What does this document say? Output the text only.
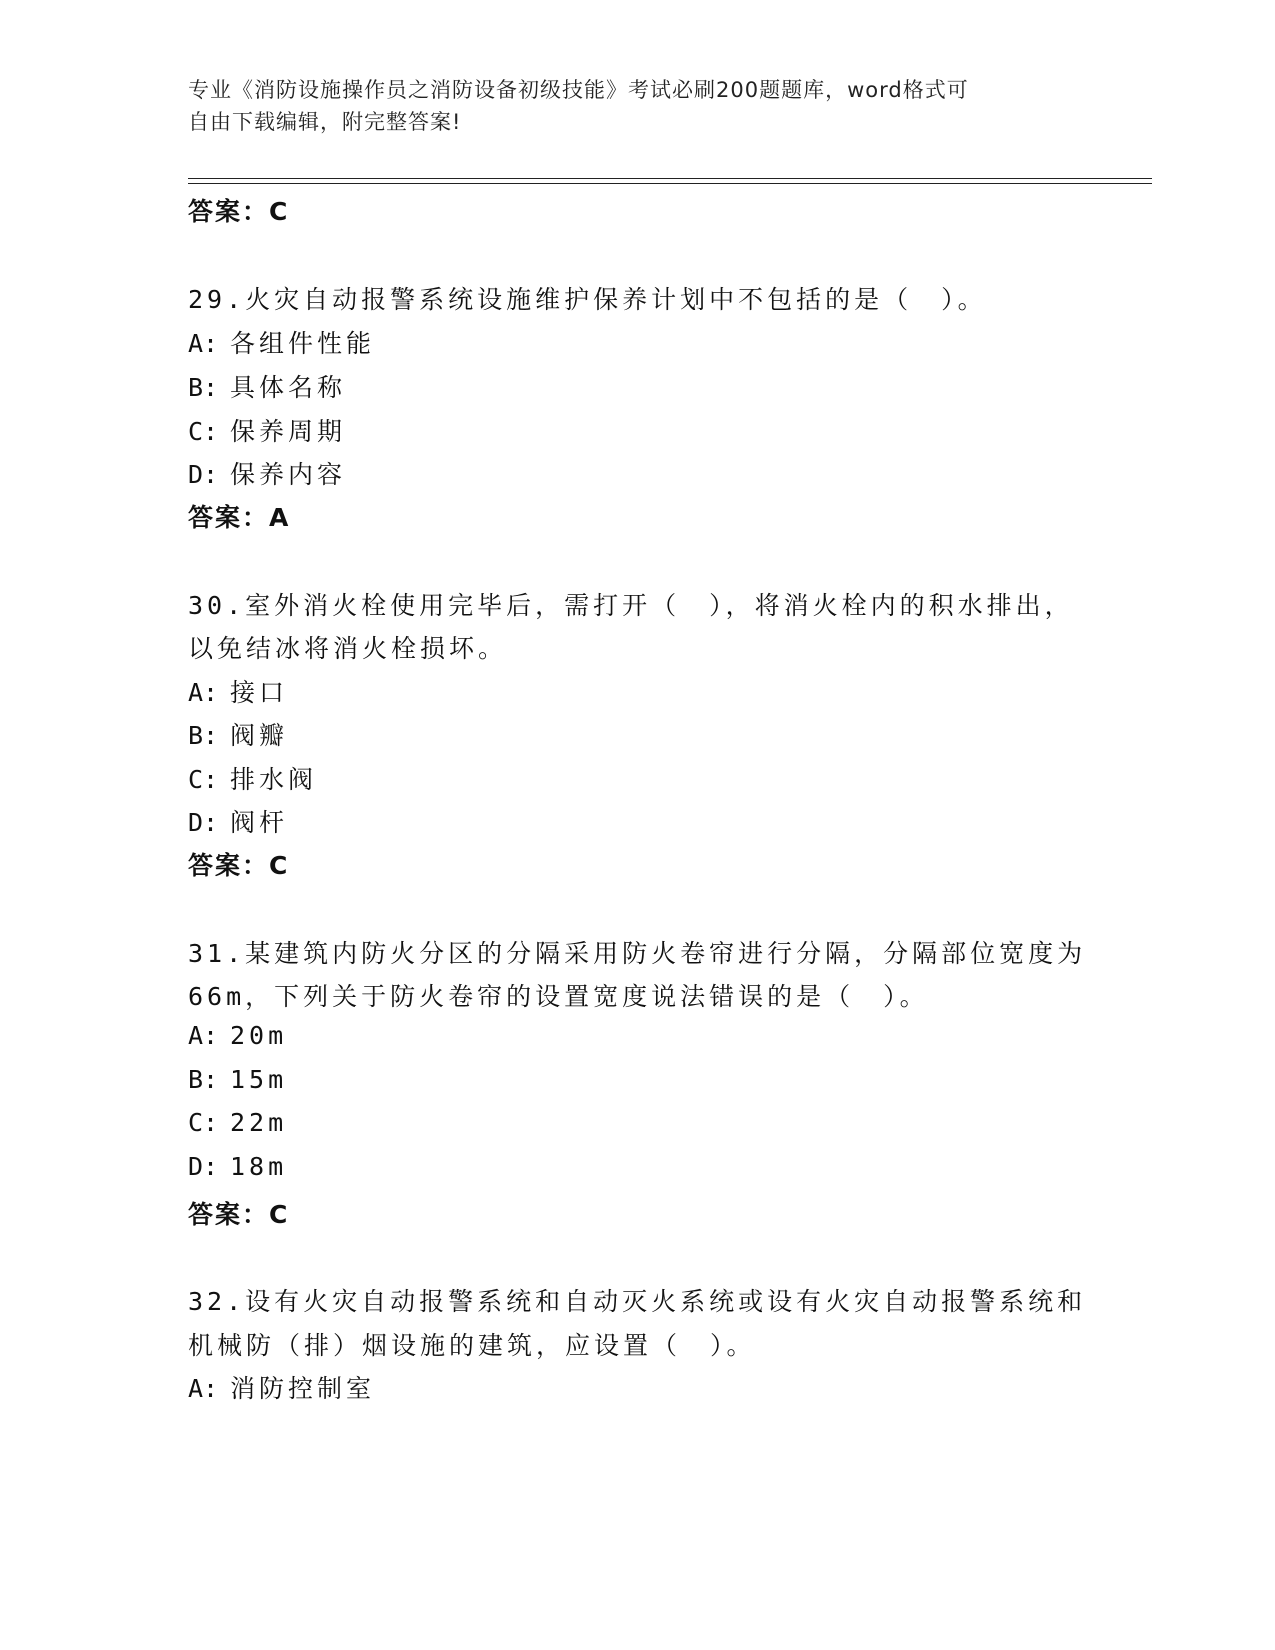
专业《消防设施操作员之消防设备初级技能》考试必刷200题题库，word格式可
自由下载编辑，附完整答案!
答案：C
29.火灾自动报警系统设施维护保养计划中不包括的是（　）。
A: 各组件性能
B: 具体名称
C: 保养周期
D: 保养内容
答案：A
30.室外消火栓使用完毕后，需打开（　），将消火栓内的积水排出，
以免结冰将消火栓损坏。
A: 接口
B: 阀瓣
C: 排水阀
D: 阀杆
答案：C
31.某建筑内防火分区的分隔采用防火卷帘进行分隔，分隔部位宽度为
66m，下列关于防火卷帘的设置宽度说法错误的是（　）。
A: 20m
B: 15m
C: 22m
D: 18m
答案：C
32.设有火灾自动报警系统和自动灭火系统或设有火灾自动报警系统和
机械防（排）烟设施的建筑，应设置（　）。
A: 消防控制室
